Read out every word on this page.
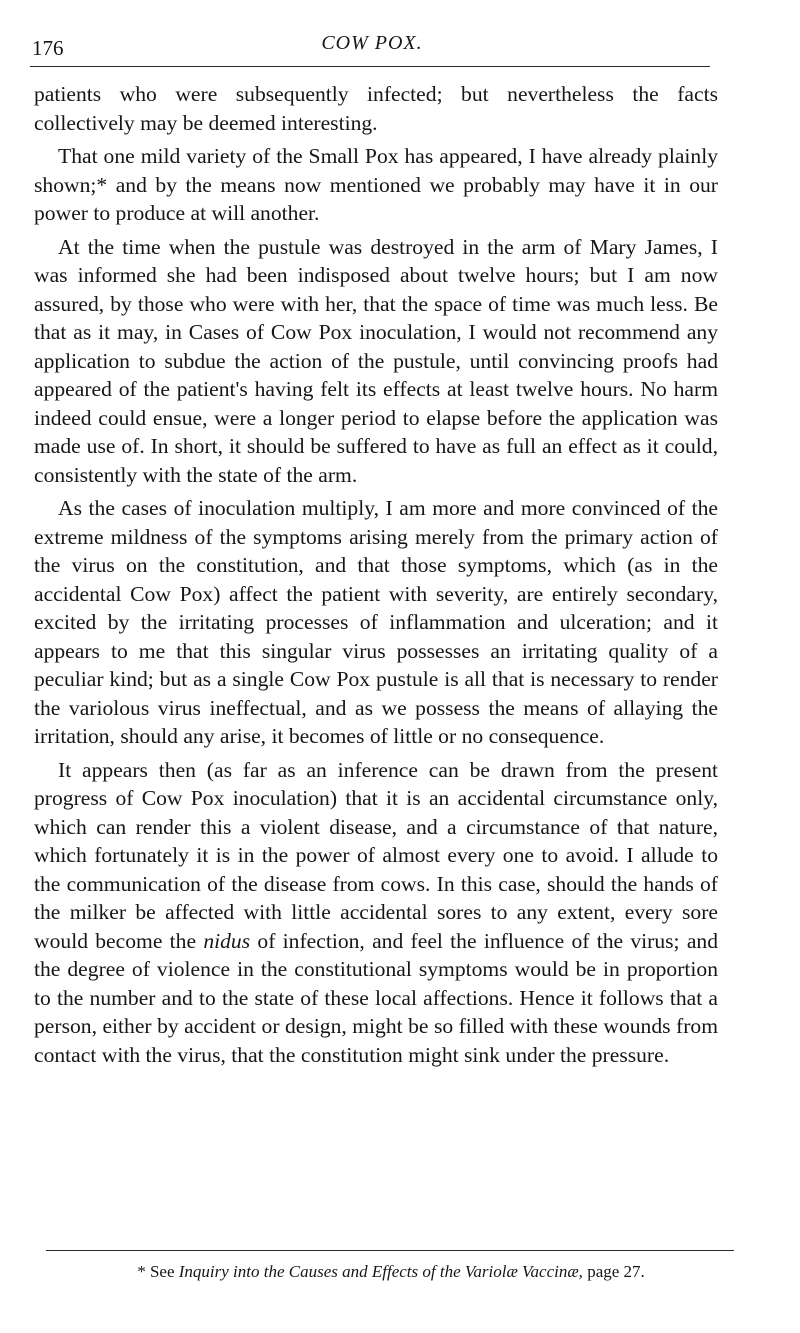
176	COW POX.

patients who were subsequently infected; but nevertheless the facts collectively may be deemed interesting.

That one mild variety of the Small Pox has appeared, I have already plainly shown;* and by the means now mentioned we probably may have it in our power to produce at will another.

At the time when the pustule was destroyed in the arm of Mary James, I was informed she had been indisposed about twelve hours; but I am now assured, by those who were with her, that the space of time was much less. Be that as it may, in Cases of Cow Pox inoculation, I would not recommend any application to subdue the action of the pustule, until convincing proofs had appeared of the patient's having felt its effects at least twelve hours. No harm indeed could ensue, were a longer period to elapse before the application was made use of. In short, it should be suffered to have as full an effect as it could, consistently with the state of the arm.

As the cases of inoculation multiply, I am more and more convinced of the extreme mildness of the symptoms arising merely from the primary action of the virus on the constitution, and that those symptoms, which (as in the accidental Cow Pox) affect the patient with severity, are entirely secondary, excited by the irritating processes of inflammation and ulceration; and it appears to me that this singular virus possesses an irritating quality of a peculiar kind; but as a single Cow Pox pustule is all that is necessary to render the variolous virus ineffectual, and as we possess the means of allaying the irritation, should any arise, it becomes of little or no consequence.

It appears then (as far as an inference can be drawn from the present progress of Cow Pox inoculation) that it is an accidental circumstance only, which can render this a violent disease, and a circumstance of that nature, which fortunately it is in the power of almost every one to avoid. I allude to the communication of the disease from cows. In this case, should the hands of the milker be affected with little accidental sores to any extent, every sore would become the nidus of infection, and feel the influence of the virus; and the degree of violence in the constitutional symptoms would be in proportion to the number and to the state of these local affections. Hence it follows that a person, either by accident or design, might be so filled with these wounds from contact with the virus, that the constitution might sink under the pressure.

* See Inquiry into the Causes and Effects of the Variolæ Vaccinæ, page 27.
